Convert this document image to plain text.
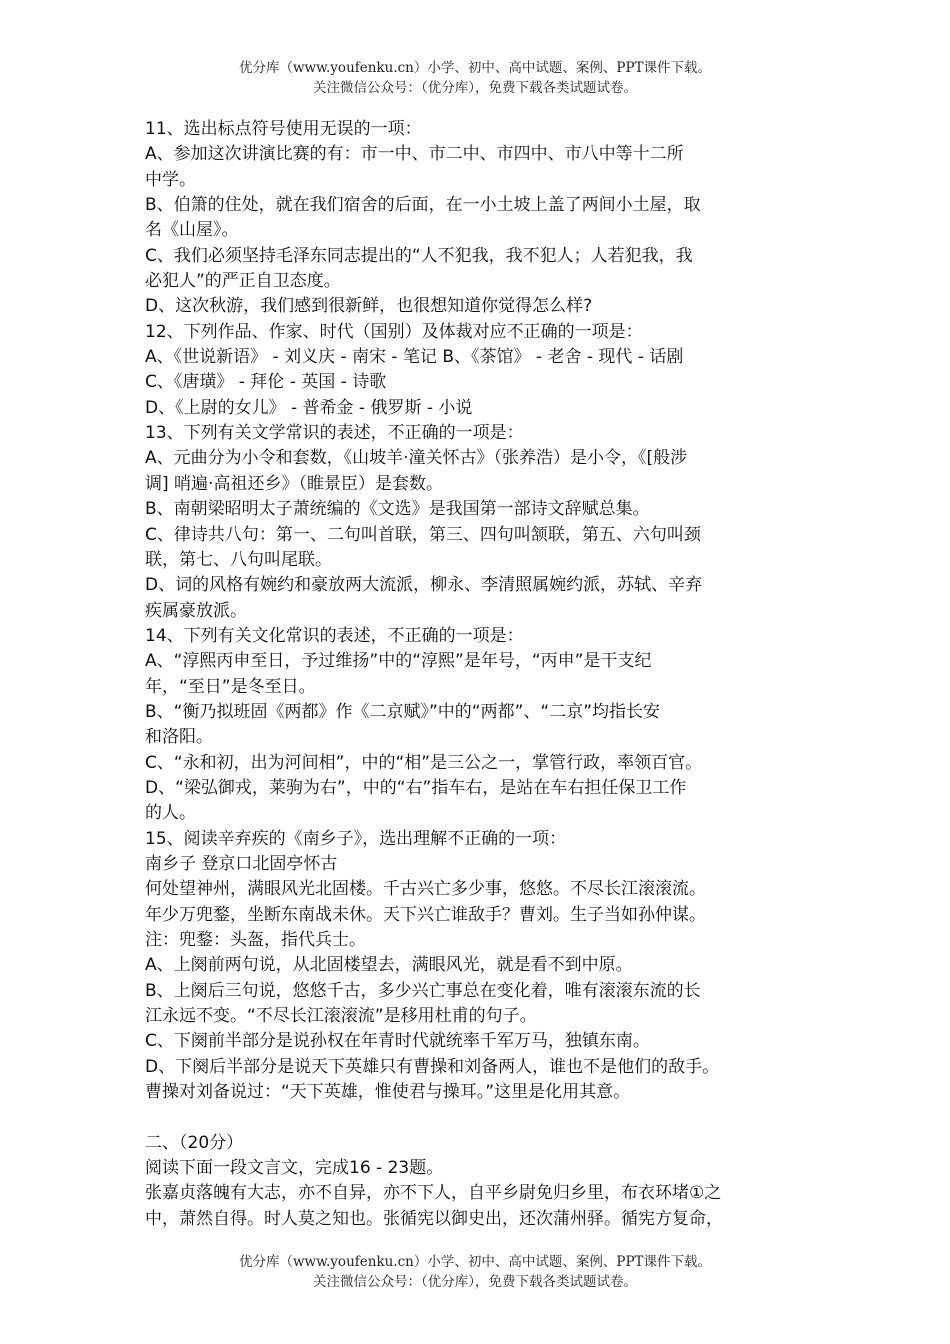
优分库（www.youfenku.cn）小学、初中、高中试题、案例、PPT课件下载。
关注微信公众号：（优分库），免费下载各类试题试卷。
11、选出标点符号使用无误的一项：
A、参加这次讲演比赛的有：市一中、市二中、市四中、市八中等十二所
中学。
B、伯箫的住处，就在我们宿舍的后面，在一小土坡上盖了两间小土屋，取
名《山屋》。
C、我们必须坚持毛泽东同志提出的“人不犯我，我不犯人；人若犯我，我
必犯人”的严正自卫态度。
D、这次秋游，我们感到很新鲜，也很想知道你觉得怎么样?
12、下列作品、作家、时代（国别）及体裁对应不正确的一项是：
A、《世说新语》 - 刘义庆 - 南宋 - 笔记 B、《茶馆》 - 老舍 - 现代 - 话剧
C、《唐璜》 - 拜伦 - 英国 - 诗歌
D、《上尉的女儿》 - 普希金 - 俄罗斯 - 小说
13、下列有关文学常识的表述，不正确的一项是：
A、元曲分为小令和套数，《山坡羊·潼关怀古》（张养浩）是小令，《[般涉
调] 哨遍·高祖还乡》（睢景臣）是套数。
B、南朝梁昭明太子萧统编的《文选》是我国第一部诗文辞赋总集。
C、律诗共八句：第一、二句叫首联，第三、四句叫颔联，第五、六句叫颈
联，第七、八句叫尾联。
D、词的风格有婉约和豪放两大流派，柳永、李清照属婉约派，苏轼、辛弃
疾属豪放派。
14、下列有关文化常识的表述，不正确的一项是：
A、“淳熙丙申至日，予过维扬”中的“淳熙”是年号，“丙申”是干支纪
年，“至日”是冬至日。
B、“衡乃拟班固《两都》作《二京赋》”中的“两都”、“二京”均指长安
和洛阳。
C、“永和初，出为河间相”，中的“相”是三公之一，掌管行政，率领百官。
D、“梁弘御戎，莱驹为右”，中的“右”指车右，是站在车右担任保卫工作
的人。
15、阅读辛弃疾的《南乡子》，选出理解不正确的一项：
南乡子 登京口北固亭怀古
何处望神州，满眼风光北固楼。千古兴亡多少事，悠悠。不尽长江滚滚流。
年少万兜鍪，坐断东南战未休。天下兴亡谁敌手？曹刘。生子当如孙仲谋。
注：兜鍪：头盔，指代兵士。
A、上阕前两句说，从北固楼望去，满眼风光，就是看不到中原。
B、上阕后三句说，悠悠千古，多少兴亡事总在变化着，唯有滚滚东流的长
江永远不变。“不尽长江滚滚流”是移用杜甫的句子。
C、下阕前半部分是说孙权在年青时代就统率千军万马，独镇东南。
D、下阕后半部分是说天下英雄只有曹操和刘备两人，谁也不是他们的敌手。
曹操对刘备说过：“天下英雄，惟使君与操耳。”这里是化用其意。
二、（20分）
阅读下面一段文言文，完成16 - 23题。
张嘉贞落魄有大志，亦不自异，亦不下人，自平乡尉免归乡里，布衣环堵①之
中，萧然自得。时人莫之知也。张循宪以御史出，还次蒲州驿。循宪方复命，
优分库（www.youfenku.cn）小学、初中、高中试题、案例、PPT课件下载。
关注微信公众号：（优分库），免费下载各类试题试卷。
